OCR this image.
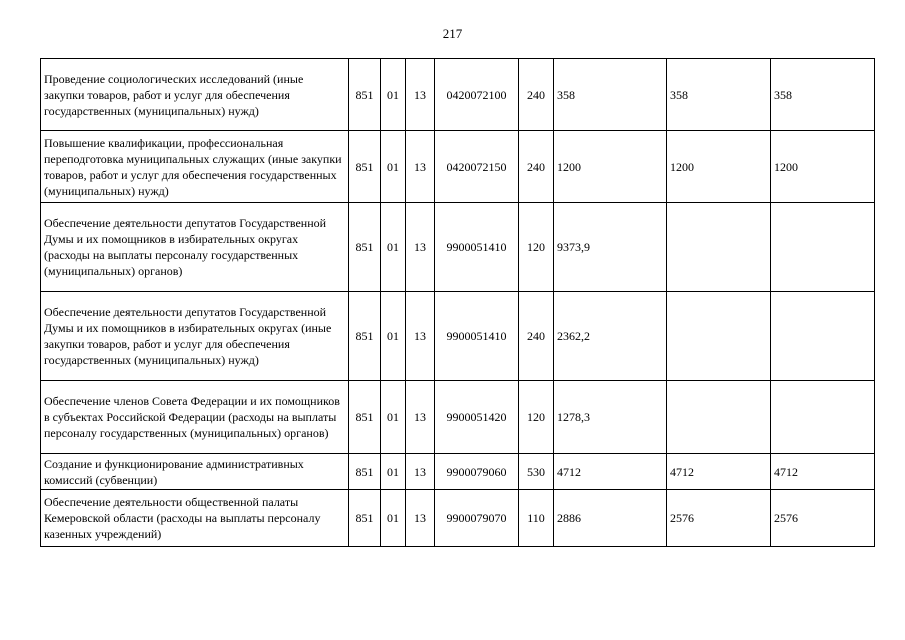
217
Проведение социологических исследований (иные закупки товаров, работ и услуг для обеспечения государственных (муниципальных) нужд)	851	01	13	0420072100	240	358	358	358
Повышение квалификации, профессиональная переподготовка муниципальных служащих (иные закупки товаров, работ и услуг для обеспечения государственных (муниципальных) нужд)	851	01	13	0420072150	240	1200	1200	1200
Обеспечение деятельности депутатов Государственной Думы и их помощников в избирательных округах (расходы на выплаты персоналу государственных (муниципальных) органов)	851	01	13	9900051410	120	9373,9		
Обеспечение деятельности депутатов Государственной Думы и их помощников в избирательных округах (иные закупки товаров, работ и услуг для обеспечения государственных (муниципальных) нужд)	851	01	13	9900051410	240	2362,2		
Обеспечение членов Совета Федерации и их помощников в субъектах Российской Федерации (расходы на выплаты персоналу государственных (муниципальных) органов)	851	01	13	9900051420	120	1278,3		
Создание и функционирование административных комиссий (субвенции)	851	01	13	9900079060	530	4712	4712	4712
Обеспечение деятельности общественной палаты Кемеровской области (расходы на выплаты персоналу казенных учреждений)	851	01	13	9900079070	110	2886	2576	2576
